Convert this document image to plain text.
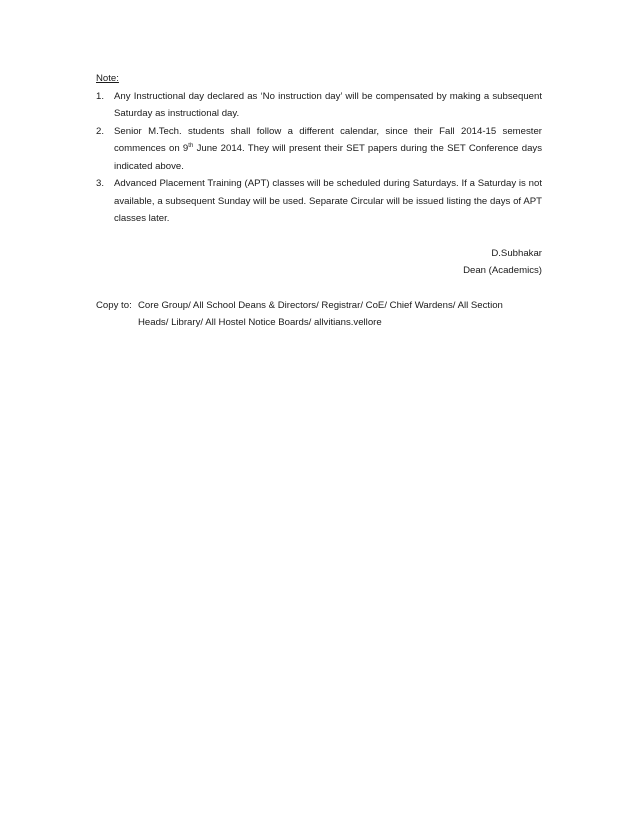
Note:

1. Any Instructional day declared as ‘No instruction day’ will be compensated by making a subsequent Saturday as instructional day.
2. Senior M.Tech. students shall follow a different calendar, since their Fall 2014-15 semester commences on 9th June 2014. They will present their SET papers during the SET Conference days indicated above.
3. Advanced Placement Training (APT) classes will be scheduled during Saturdays. If a Saturday is not available, a subsequent Sunday will be used. Separate Circular will be issued listing the days of APT classes later.
D.Subhakar
Dean (Academics)
Copy to: Core Group/ All School Deans & Directors/ Registrar/ CoE/ Chief Wardens/ All Section
Heads/ Library/ All Hostel Notice Boards/ allvitians.vellore
